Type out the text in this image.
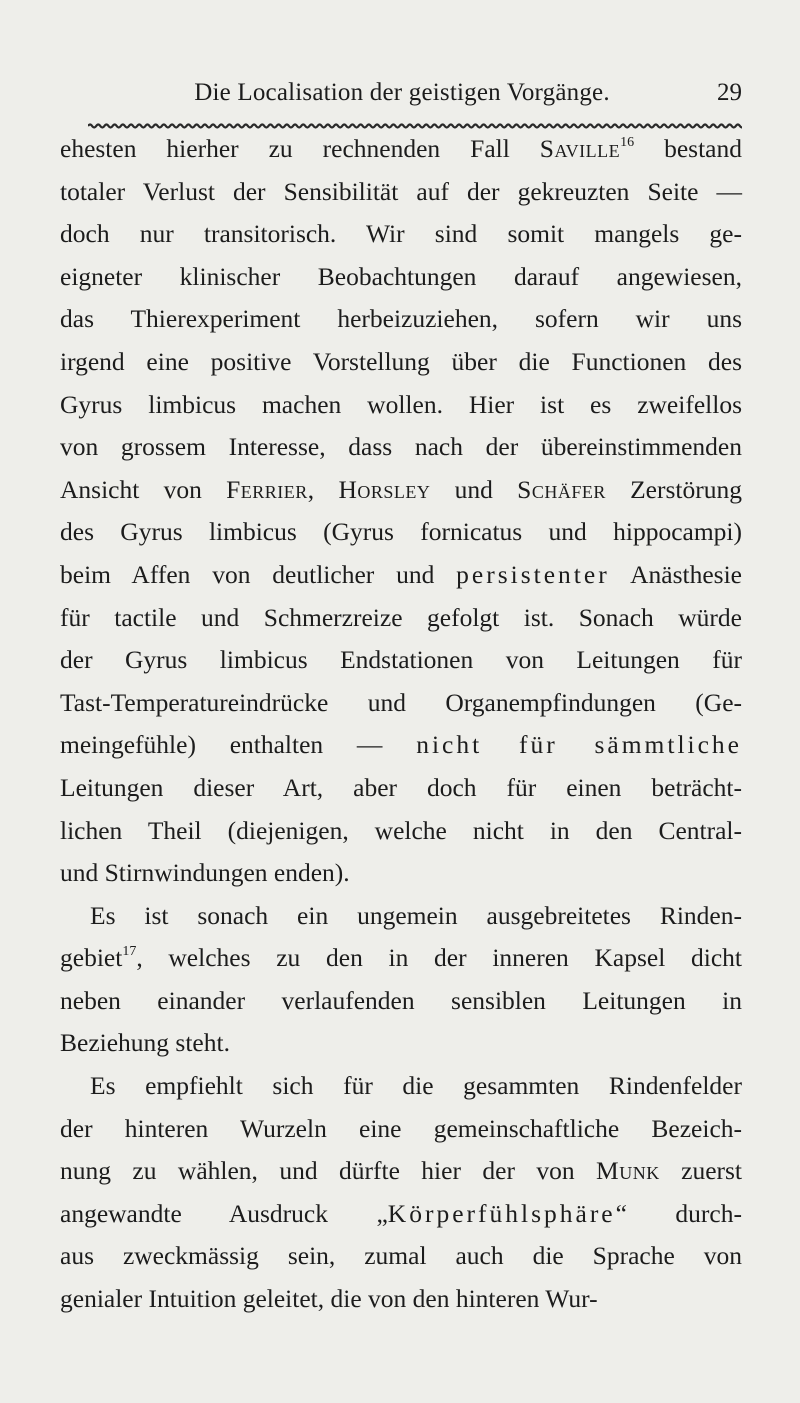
Die Localisation der geistigen Vorgänge.	29
ehesten hierher zu rechnenden Fall Saville$^{16}$ bestand
totaler Verlust der Sensibilität auf der gekreuzten Seite —
doch nur transitorisch. Wir sind somit mangels ge-
eigneter klinischer Beobachtungen darauf angewiesen,
das Thierexperiment herbeizuziehen, sofern wir uns
irgend eine positive Vorstellung über die Functionen des
Gyrus limbicus machen wollen. Hier ist es zweifellos
von grossem Interesse, dass nach der übereinstimmenden
Ansicht von Ferrier, Horsley und Schäfer Zerstörung
des Gyrus limbicus (Gyrus fornicatus und hippocampi)
beim Affen von deutlicher und persistenter Anästhesie
für tactile und Schmerzreize gefolgt ist. Sonach würde
der Gyrus limbicus Endstationen von Leitungen für
Tast-Temperatureindrücke und Organempfindungen (Ge-
meingefühle) enthalten — nicht für sämmtliche
Leitungen dieser Art, aber doch für einen beträcht-
lichen Theil (diejenigen, welche nicht in den Central-
und Stirnwindungen enden).
Es ist sonach ein ungemein ausgebreitetes Rinden-
gebiet$^{17}$, welches zu den in der inneren Kapsel dicht
neben einander verlaufenden sensiblen Leitungen in
Beziehung steht.
Es empfiehlt sich für die gesammten Rindenfelder
der hinteren Wurzeln eine gemeinschaftliche Bezeich-
nung zu wählen, und dürfte hier der von Munk zuerst
angewandte Ausdruck „Körperfühlsphäre“ durch-
aus zweckmässig sein, zumal auch die Sprache von
genialer Intuition geleitet, die von den hinteren Wur-
